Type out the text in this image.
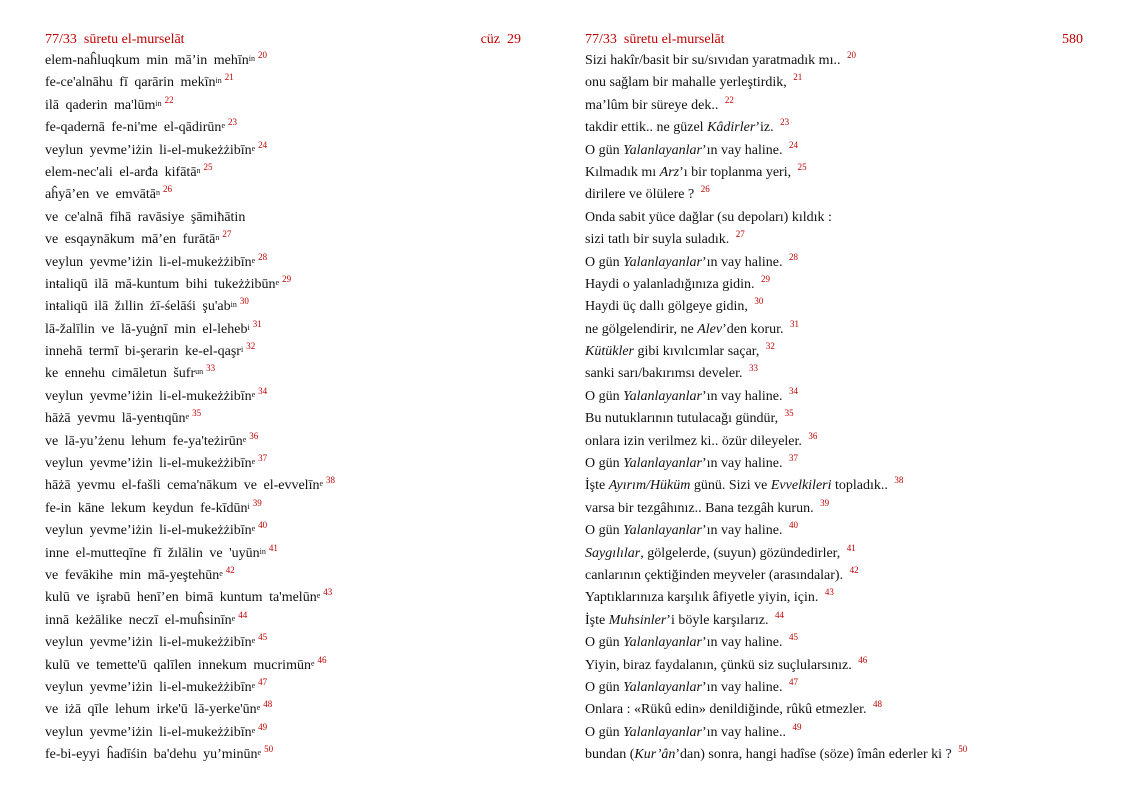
77/33  sūretu el-murselāt	cüz  29
elem-naĥluqkum min mā’in mehīn$^{in}$ $^{20}$
fe-ce'alnāhu fī qarārin mekīn$^{in}$ $^{21}$
ilā qaderin ma'lūm$^{in}$ $^{22}$
fe-qadernā fe-ni'me el-qādirūn$^e$ $^{23}$
veylun yevme’iżin li-el-mukeżżibīn$^e$ $^{24}$
elem-nec'ali el-arđa kifātā$^n$ $^{25}$
aĥyā’en ve emvātā$^n$ $^{26}$
ve ce'alnā fīhā ravāsiye şāmiħātin
ve esqaynākum mā’en furātā$^n$ $^{27}$
veylun yevme’iżin li-el-mukeżżibīn$^e$ $^{28}$
inŧaliqū ilā mā-kuntum bihi tukeżżibūn$^e$ $^{29}$
inŧaliqū ilā žıllin żī-śelāśi $şu'ab^{in}$ $^{30}$
lā-žalīlin ve lā-yuġnī min el-leheb$^i$ $^{31}$
innehā termī bi-şerarin ke-el-qaşr$^i$ $^{32}$
ke ennehu cimāletun šufr$^{un}$ $^{33}$
veylun yevme’iżin li-el-mukeżżibīn$^e$ $^{34}$
hāżā yevmu lā-yenŧıqūn$^e$ $^{35}$
ve lā-yu’żenu lehum fe-ya'teżirūn$^e$ $^{36}$
veylun yevme’iżin li-el-mukeżżibīn$^e$ $^{37}$
hāżā yevmu el-fašli cema'nākum ve el-evvelīn$^e$ $^{38}$
fe-in kāne lekum keydun fe-kīdūn$^i$ $^{39}$
veylun yevme’iżin li-el-mukeżżibīn$^e$ $^{40}$
inne el-mutteqīne fī žılālin ve 'uyūn$^{in}$ $^{41}$
ve fevākihe min mā-yeştehūn$^e$ $^{42}$
kulū ve işrabū henī’en bimā kuntum ta'melūn$^e$ $^{43}$
innā keżālike neczī el-muĥsinīn$^e$ $^{44}$
veylun yevme’iżin li-el-mukeżżibīn$^e$ $^{45}$
kulū ve temette'ū qalīlen innekum mucrimūn$^e$ $^{46}$
veylun yevme’iżin li-el-mukeżżibīn$^e$ $^{47}$
ve iżā qīle lehum irke'ū $lā-yerke'ūn^e$ $^{48}$
veylun yevme’iżin li-el-mukeżżibīn$^e$ $^{49}$
fe-bi-eyyi ĥadīśin ba'dehu yu’minūn$^e$ $^{50}$
77/33  sūretu el-murselāt	580
Sizi hakîr/basit bir su/sıvıdan yaratmadık mı.. $^{20}$
onu sağlam bir mahalle yerleştirdik, $^{21}$
ma’lûm bir süreye dek.. $^{22}$
takdir ettik.. ne güzel Kâdirler’iz. $^{23}$
O gün Yalanlayanlar’ın vay haline. $^{24}$
Kılmadık mı Arz’ı bir toplanma yeri, $^{25}$
dirilere ve ölülere ? $^{26}$
Onda sabit yüce dağlar (su depoları) kıldık :
sizi tatlı bir suyla suladık. $^{27}$
O gün Yalanlayanlar’ın vay haline. $^{28}$
Haydi o yalanladığınıza gidin. $^{29}$
Haydi üç dallı gölgeye gidin, $^{30}$
ne gölgelendirir, ne Alev’den korur. $^{31}$
Kütükler gibi kıvılcımlar saçar, $^{32}$
sanki sarı/bakırımsı develer. $^{33}$
O gün Yalanlayanlar’ın vay haline. $^{34}$
Bu nutuklarının tutulacağı gündür, $^{35}$
onlara izin verilmez ki.. özür dileyeler. $^{36}$
O gün Yalanlayanlar’ın vay haline. $^{37}$
İşte Ayırım/Hüküm günü. Sizi ve Evvelkileri topladık.. $^{38}$
varsa bir tezgâhınız.. Bana tezgâh kurun. $^{39}$
O gün Yalanlayanlar’ın vay haline. $^{40}$
Saygılılar, gölgelerde, (suyun) gözündedirler, $^{41}$
canlarının çektiğinden meyveler (arasındalar). $^{42}$
Yaptıklarınıza karşılık âfiyetle yiyin, için. $^{43}$
İşte Muhsinler’i böyle karşılarız. $^{44}$
O gün Yalanlayanlar’ın vay haline. $^{45}$
Yiyin, biraz faydalanın, çünkü siz suçlularsınız. $^{46}$
O gün Yalanlayanlar’ın vay haline. $^{47}$
Onlara : «Rükû edin» denildiğinde, rûkû etmezler. $^{48}$
O gün Yalanlayanlar’ın vay haline.. $^{49}$
bundan (Kur’ân’dan) sonra, hangi hadîse (söze) îmân ederler ki ? $^{50}$
